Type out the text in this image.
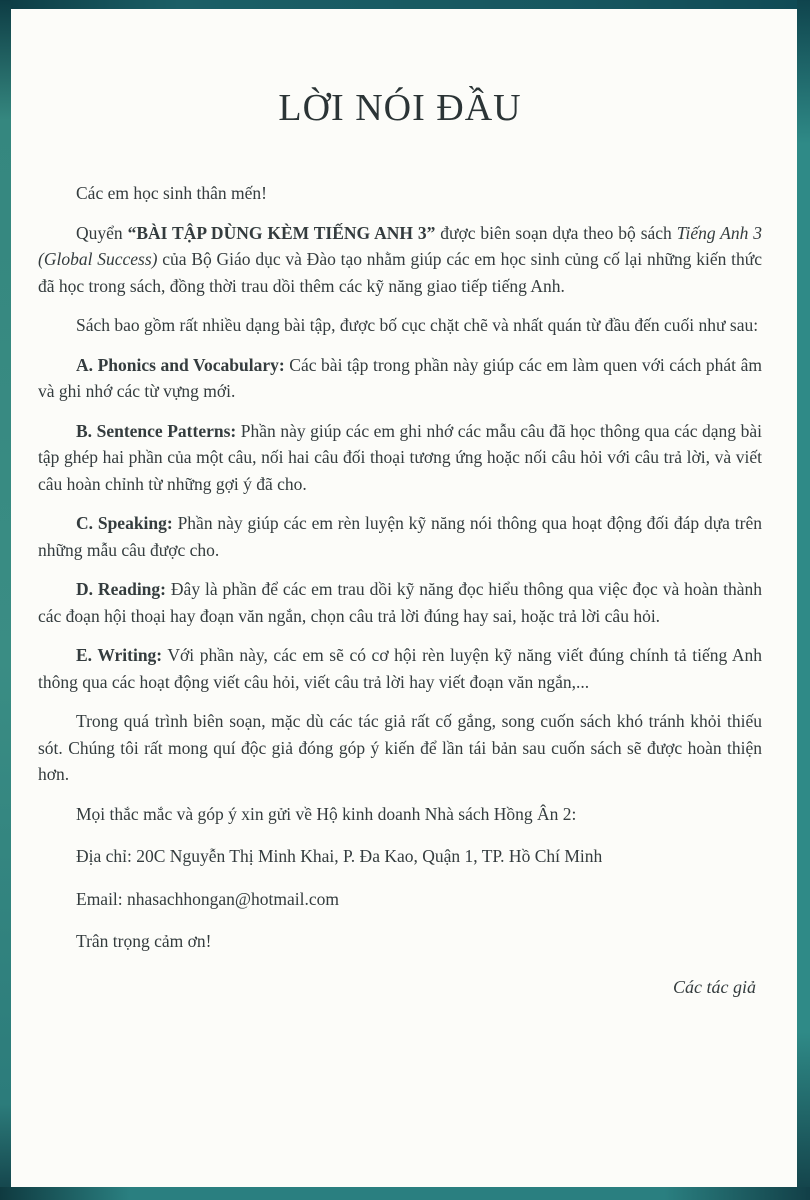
LỜI NÓI ĐẦU

Các em học sinh thân mến!

Quyển “BÀI TẬP DÙNG KÈM TIẾNG ANH 3” được biên soạn dựa theo bộ sách Tiếng Anh 3 (Global Success) của Bộ Giáo dục và Đào tạo nhằm giúp các em học sinh củng cố lại những kiến thức đã học trong sách, đồng thời trau dồi thêm các kỹ năng giao tiếp tiếng Anh.

Sách bao gồm rất nhiều dạng bài tập, được bố cục chặt chẽ và nhất quán từ đầu đến cuối như sau:

A. Phonics and Vocabulary: Các bài tập trong phần này giúp các em làm quen với cách phát âm và ghi nhớ các từ vựng mới.

B. Sentence Patterns: Phần này giúp các em ghi nhớ các mẫu câu đã học thông qua các dạng bài tập ghép hai phần của một câu, nối hai câu đối thoại tương ứng hoặc nối câu hỏi với câu trả lời, và viết câu hoàn chỉnh từ những gợi ý đã cho.

C. Speaking: Phần này giúp các em rèn luyện kỹ năng nói thông qua hoạt động đối đáp dựa trên những mẫu câu được cho.

D. Reading: Đây là phần để các em trau dồi kỹ năng đọc hiểu thông qua việc đọc và hoàn thành các đoạn hội thoại hay đoạn văn ngắn, chọn câu trả lời đúng hay sai, hoặc trả lời câu hỏi.

E. Writing: Với phần này, các em sẽ có cơ hội rèn luyện kỹ năng viết đúng chính tả tiếng Anh thông qua các hoạt động viết câu hỏi, viết câu trả lời hay viết đoạn văn ngắn,...

Trong quá trình biên soạn, mặc dù các tác giả rất cố gắng, song cuốn sách khó tránh khỏi thiếu sót. Chúng tôi rất mong quí độc giả đóng góp ý kiến để lần tái bản sau cuốn sách sẽ được hoàn thiện hơn.

Mọi thắc mắc và góp ý xin gửi về Hộ kinh doanh Nhà sách Hồng Ân 2:

Địa chỉ: 20C Nguyễn Thị Minh Khai, P. Đa Kao, Quận 1, TP. Hồ Chí Minh

Email: nhasachhongan@hotmail.com

Trân trọng cảm ơn!

Các tác giả
